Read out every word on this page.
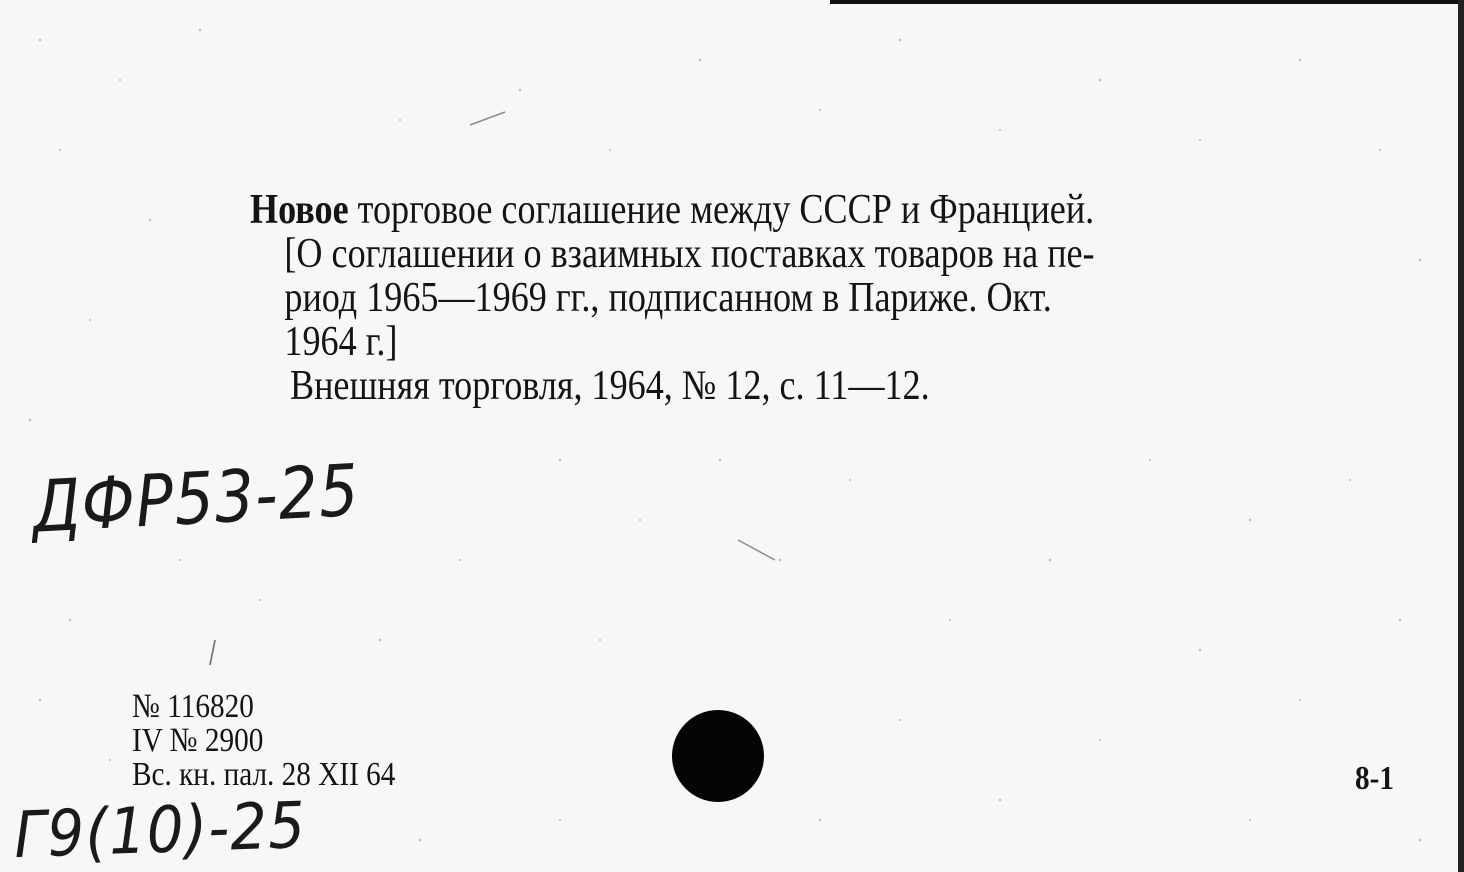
Новое торговое соглашение между СССР и Франциeй.
[О соглашении о взаимных поставках товаров на пе-
риод 1965—1969 гг., подписанном в Париже. Окт.
1964 г.]
Внешняя торговля, 1964, № 12, с. 11—12.
ДФР53-25
№ 116820
IV № 2900
Вс. кн. пал. 28 XII 64	8-1
Г9(10)-25
